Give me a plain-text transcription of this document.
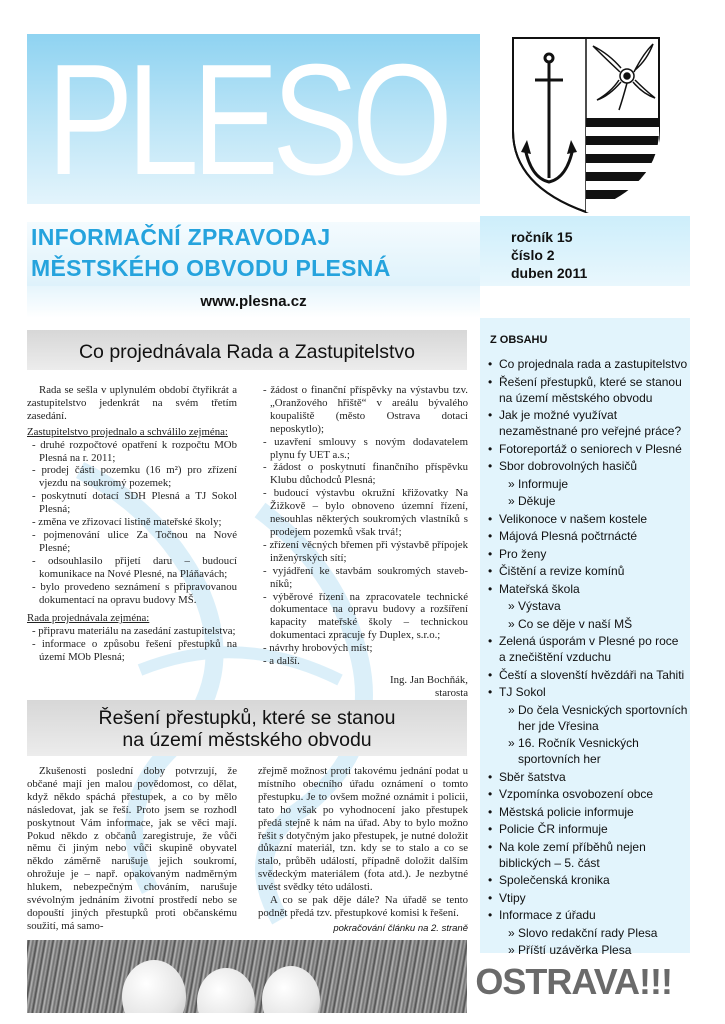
PLESO
INFORMAČNÍ ZPRAVODAJ
MĚSTSKÉHO OBVODU PLESNÁ
ročník 15
číslo 2
duben 2011
www.plesna.cz
Z OBSAHU
• Co projednala rada a zastupitelstvo
• Řešení přestupků, které se stanou na území městského obvodu
• Jak je možné využívat nezaměstnané pro veřejné práce?
• Fotoreportáž o seniorech v Plesné
• Sbor dobrovolných hasičů
» Informuje
» Děkuje
• Velikonoce v našem kostele
• Májová Plesná počtrnácté
• Pro ženy
• Čištění a revize komínů
• Mateřská škola
» Výstava
» Co se děje v naší MŠ
• Zelená úsporám v Plesné po roce a znečištění vzduchu
• Čeští a slovenští hvězdáři na Tahiti
• TJ Sokol
» Do čela Vesnických sportovních her jde Vřesina
» 16. Ročník Vesnických sportovních her
• Sběr šatstva
• Vzpomínka osvobození obce
• Městská policie informuje
• Policie ČR informuje
• Na kole zemí příběhů nejen biblických – 5. část
• Společenská kronika
• Vtipy
• Informace z úřadu
» Slovo redakční rady Plesa
» Příští uzávěrka Plesa
OSTRAVA!!!
Co projednávala Rada a Zastupitelstvo

Rada se sešla v uplynulém období čtyřikrát a zastupitelstvo jedenkrát na svém třetím zasedání.

Zastupitelstvo projednalo a schválilo zejména:
- druhé rozpočtové opatření k rozpočtu MOb Plesná na r. 2011;
- prodej části pozemku (16 m²) pro zřízení vjezdu na soukromý pozemek;
- poskytnutí dotací SDH Plesná a TJ Sokol Plesná;
- změna ve zřizovací listině mateřské školy;
- pojmenování ulice Za Točnou na Nové Plesné;
- odsouhlasilo přijetí daru – budoucí komunikace na Nové Plesné, na Pláňavách;
- bylo provedeno seznámení s připravovanou dokumentací na opravu budovy MŠ.
Rada projednávala zejména:
- připravu materiálu na zasedání zastupitelstva;
- informace o způsobu řešení přestupků na území MOb Plesná;
- žádost o finanční příspěvky na výstavbu tzv. „Oranžového hřiště“ v areálu bývalého koupaliště (město Ostrava dotaci neposkytlo);
- uzavření smlouvy s novým dodavatelem plynu fy UET a.s.;
- žádost o poskytnutí finančního příspěvku Klubu důchodců Plesná;
- budoucí výstavbu okružní křižovatky Na Žižkově – bylo obnoveno územní řízení, nesouhlas některých soukromých vlastníků s prodejem pozemků však trvá!;
- zřízení věcných břemen při výstavbě přípojek inženýrských sítí;
- vyjádření ke stavbám soukromých stavebníků;
- výběrové řízení na zpracovatele technické dokumentace na opravu budovy a rozšíření kapacity mateřské školy – technickou dokumentaci zpracuje fy Duplex, s.r.o.;
- návrhy hrobových míst;
- a další.
Ing. Jan Bochňák,
starosta
Řešení přestupků, které se stanou
na území městského obvodu

Zkušenosti poslední doby potvrzují, že občané mají jen malou povědomost, co dělat, když někdo spáchá přestupek, a co by mělo následovat, jak se řeší. Proto jsem se rozhodl poskytnout Vám informace, jak se věci mají. Pokud někdo z občanů zaregistruje, že vůči němu či jiným nebo vůči skupině obyvatel někdo záměrně narušuje jejich soukromí, ohrožuje je – např. opakovaným nadměrným hlukem, nebezpečným chováním, narušuje svévolným jednáním životní prostředí nebo se dopouští jiných přestupků proti občanskému soužití, má samo-

zřejmě možnost proti takovému jednání podat u místního obecního úřadu oznámení o tomto přestupku. Je to ovšem možné oznámit i policii, tato ho však po vyhodnocení jako přestupek předá stejně k nám na úřad. Aby to bylo možno řešit s dotyčným jako přestupek, je nutné doložit důkazní materiál, tzn. kdy se to stalo a co se stalo, průběh událostí, případně doložit dalším svědeckým materiálem (fota atd.). Je nezbytné uvést svědky této události.

A co se pak děje dále? Na úřadě se tento podnět předá tzv. přestupkové komisi k řešení.

pokračování článku na 2. straně
